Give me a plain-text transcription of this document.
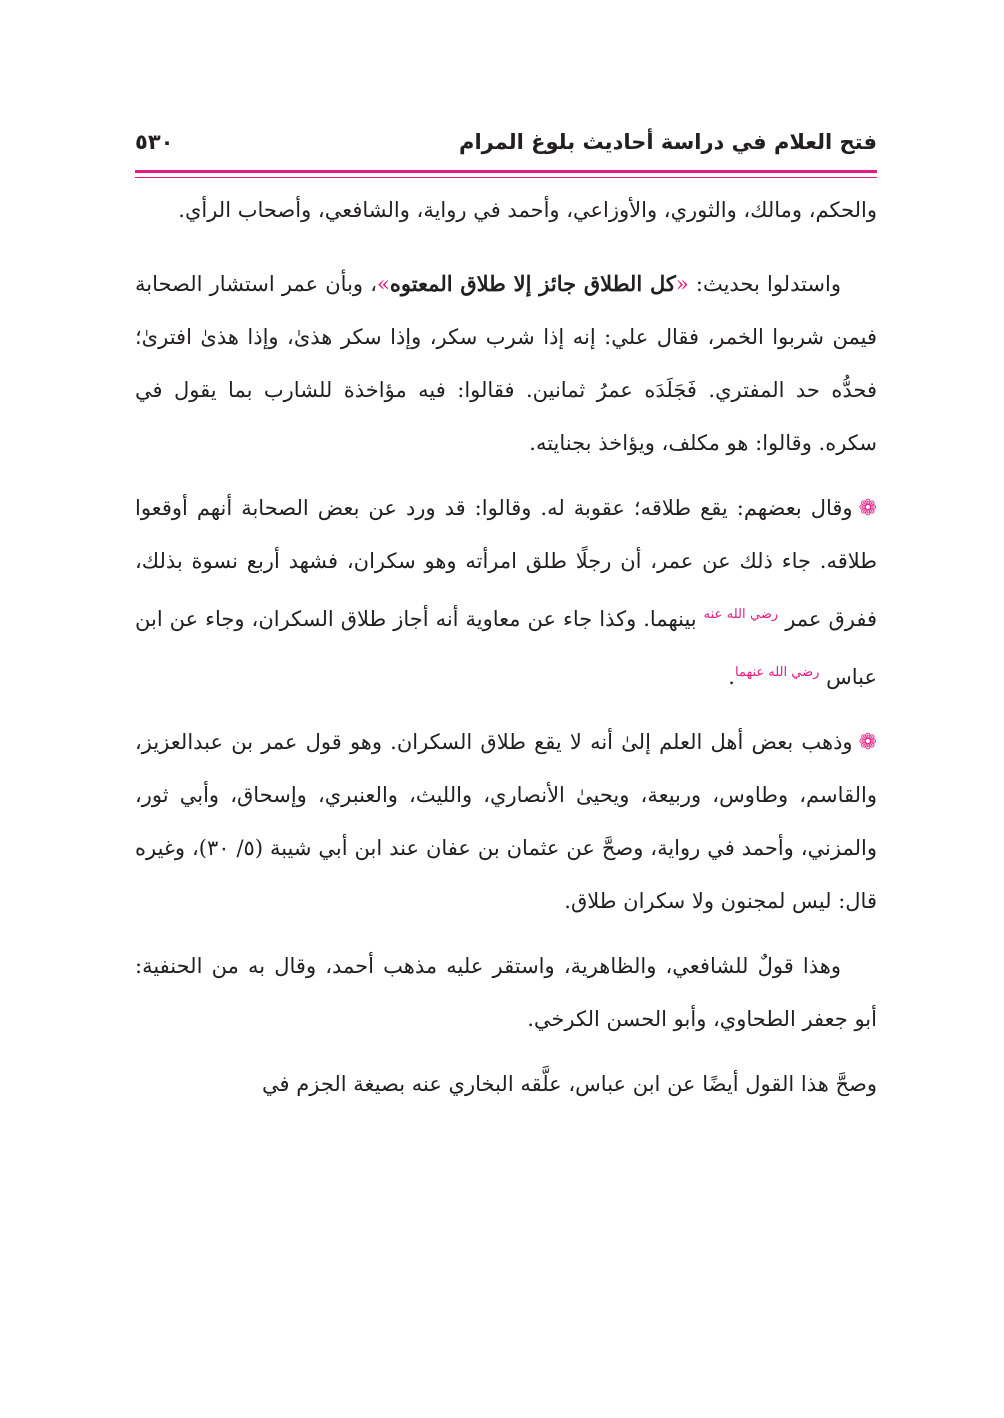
فتح العلام في دراسة أحاديث بلوغ المرام
٥٣٠

والحكم، ومالك، والثوري، والأوزاعي، وأحمد في رواية، والشافعي، وأصحاب الرأي.

واستدلوا بحديث: «كل الطلاق جائز إلا طلاق المعتوه»، وبأن عمر استشار الصحابة فيمن شربوا الخمر، فقال علي: إنه إذا شرب سكر، وإذا سكر هذىٰ، وإذا هذىٰ افترىٰ؛ فحدُّه حد المفتري. فَجَلَدَه عمرُ ثمانين. فقالوا: فيه مؤاخذة للشارب بما يقول في سكره. وقالوا: هو مكلف، ويؤاخذ بجنايته.

❁وقال بعضهم: يقع طلاقه؛ عقوبة له. وقالوا: قد ورد عن بعض الصحابة أنهم أوقعوا طلاقه. جاء ذلك عن عمر، أن رجلًا طلق امرأته وهو سكران، فشهد أربع نسوة بذلك، ففرق عمر $^{رضي الله عنه}$ بينهما. وكذا جاء عن معاوية أنه أجاز طلاق السكران، وجاء عن ابن عباس $^{رضي الله عنهما}$.

❁وذهب بعض أهل العلم إلىٰ أنه لا يقع طلاق السكران. وهو قول عمر بن عبدالعزيز، والقاسم، وطاوس، وربيعة، ويحيىٰ الأنصاري، والليث، والعنبري، وإسحاق، وأبي ثور، والمزني، وأحمد في رواية، وصحَّ عن عثمان بن عفان عند ابن أبي شيبة (٥/ ٣٠)، وغيره قال: ليس لمجنون ولا سكران طلاق.

وهذا قولٌ للشافعي، والظاهرية، واستقر عليه مذهب أحمد، وقال به من الحنفية: أبو جعفر الطحاوي، وأبو الحسن الكرخي.

وصحَّ هذا القول أيضًا عن ابن عباس، علَّقه البخاري عنه بصيغة الجزم في
